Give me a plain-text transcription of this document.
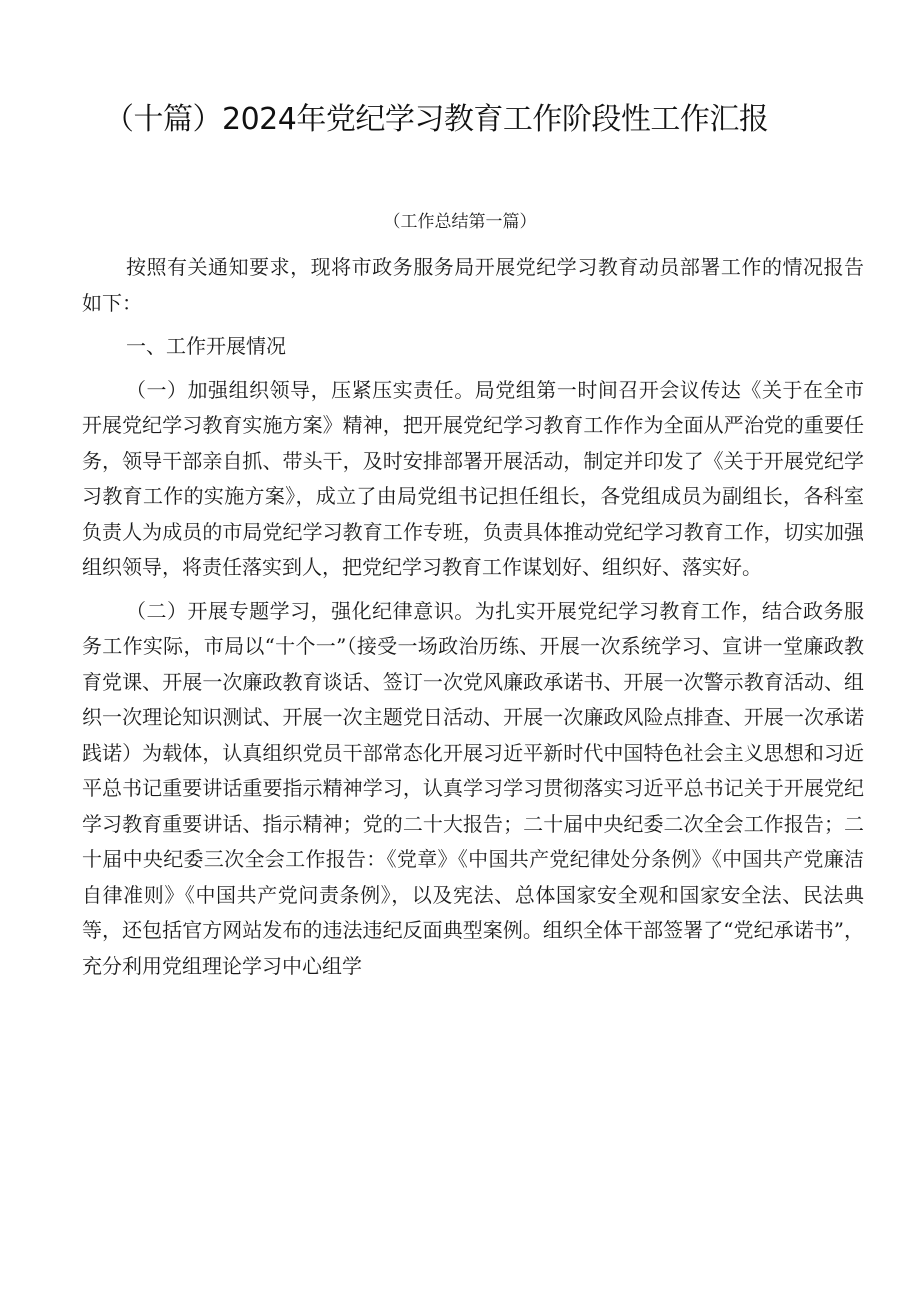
（十篇）2024年党纪学习教育工作阶段性工作汇报
（工作总结第一篇）

按照有关通知要求，现将市政务服务局开展党纪学习教育动员部署工作的情况报告如下：

一、工作开展情况

（一）加强组织领导，压紧压实责任。局党组第一时间召开会议传达《关于在全市开展党纪学习教育实施方案》精神，把开展党纪学习教育工作作为全面从严治党的重要任务，领导干部亲自抓、带头干，及时安排部署开展活动，制定并印发了《关于开展党纪学习教育工作的实施方案》，成立了由局党组书记担任组长，各党组成员为副组长，各科室负责人为成员的市局党纪学习教育工作专班，负责具体推动党纪学习教育工作，切实加强组织领导，将责任落实到人，把党纪学习教育工作谋划好、组织好、落实好。

（二）开展专题学习，强化纪律意识。为扎实开展党纪学习教育工作，结合政务服务工作实际，市局以“十个一”（接受一场政治历练、开展一次系统学习、宣讲一堂廉政教育党课、开展一次廉政教育谈话、签订一次党风廉政承诺书、开展一次警示教育活动、组织一次理论知识测试、开展一次主题党日活动、开展一次廉政风险点排查、开展一次承诺践诺）为载体，认真组织党员干部常态化开展习近平新时代中国特色社会主义思想和习近平总书记重要讲话重要指示精神学习，认真学习学习贯彻落实习近平总书记关于开展党纪学习教育重要讲话、指示精神；党的二十大报告；二十届中央纪委二次全会工作报告；二十届中央纪委三次全会工作报告：《党章》《中国共产党纪律处分条例》《中国共产党廉洁自律准则》《中国共产党问责条例》，以及宪法、总体国家安全观和国家安全法、民法典等，还包括官方网站发布的违法违纪反面典型案例。组织全体干部签署了“党纪承诺书”，充分利用党组理论学习中心组学
